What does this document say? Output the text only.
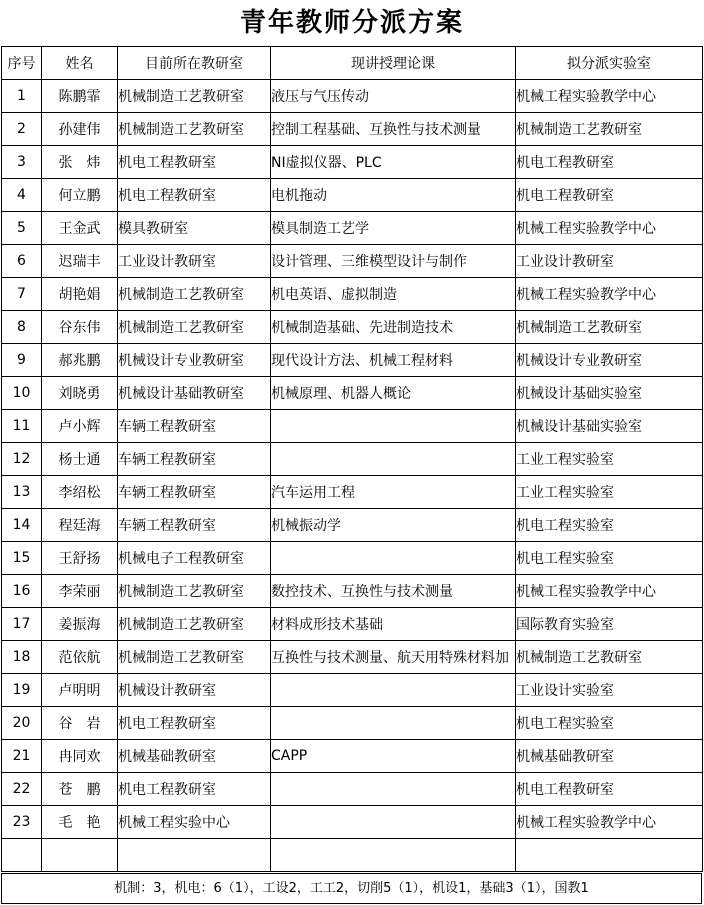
青年教师分派方案
序号	姓名	目前所在教研室	现讲授理论课	拟分派实验室
1	陈鹏霏	机械制造工艺教研室	液压与气压传动	机械工程实验教学中心
2	孙建伟	机械制造工艺教研室	控制工程基础、互换性与技术测量	机械制造工艺教研室
3	张　炜	机电工程教研室	NI虚拟仪器、PLC	机电工程教研室
4	何立鹏	机电工程教研室	电机拖动	机电工程教研室
5	王金武	模具教研室	模具制造工艺学	机械工程实验教学中心
6	迟瑞丰	工业设计教研室	设计管理、三维模型设计与制作	工业设计教研室
7	胡艳娟	机械制造工艺教研室	机电英语、虚拟制造	机械工程实验教学中心
8	谷东伟	机械制造工艺教研室	机械制造基础、先进制造技术	机械制造工艺教研室
9	郝兆鹏	机械设计专业教研室	现代设计方法、机械工程材料	机械设计专业教研室
10	刘晓勇	机械设计基础教研室	机械原理、机器人概论	机械设计基础实验室
11	卢小辉	车辆工程教研室		机械设计基础实验室
12	杨士通	车辆工程教研室		工业工程实验室
13	李绍松	车辆工程教研室	汽车运用工程	工业工程实验室
14	程廷海	车辆工程教研室	机械振动学	机电工程实验室
15	王舒扬	机械电子工程教研室		机电工程实验室
16	李荣丽	机械制造工艺教研室	数控技术、互换性与技术测量	机械工程实验教学中心
17	姜振海	机械制造工艺教研室	材料成形技术基础	国际教育实验室
18	范依航	机械制造工艺教研室	互换性与技术测量、航天用特殊材料加	机械制造工艺教研室
19	卢明明	机械设计教研室		工业设计实验室
20	谷　岩	机电工程教研室		机电工程实验室
21	冉同欢	机械基础教研室	CAPP	机械基础教研室
22	苍　鹏	机电工程教研室		机电工程教研室
23	毛　艳	机械工程实验中心		机械工程实验教学中心

机制：3，机电：6（1），工设2，工工2，切削5（1），机设1，基础3（1），国教1
